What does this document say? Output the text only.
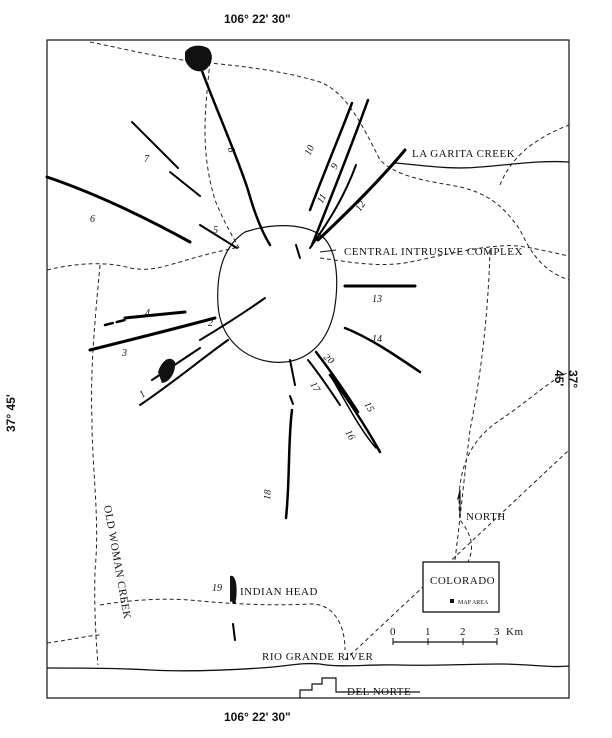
106° 22' 30"
106° 22' 30"
37° 45'
37° 45'
1
2
3
4
5
6
7
8
9
10
11
12
13
14
15
16
17
18
19
20
LA GARITA CREEK
CENTRAL INTRUSIVE COMPLEX
INDIAN HEAD
OLD WOMAN CREEK
RIO GRANDE RIVER
DEL NORTE
NORTH
COLORADO
MAP AREA
0	1	2	3 Km
